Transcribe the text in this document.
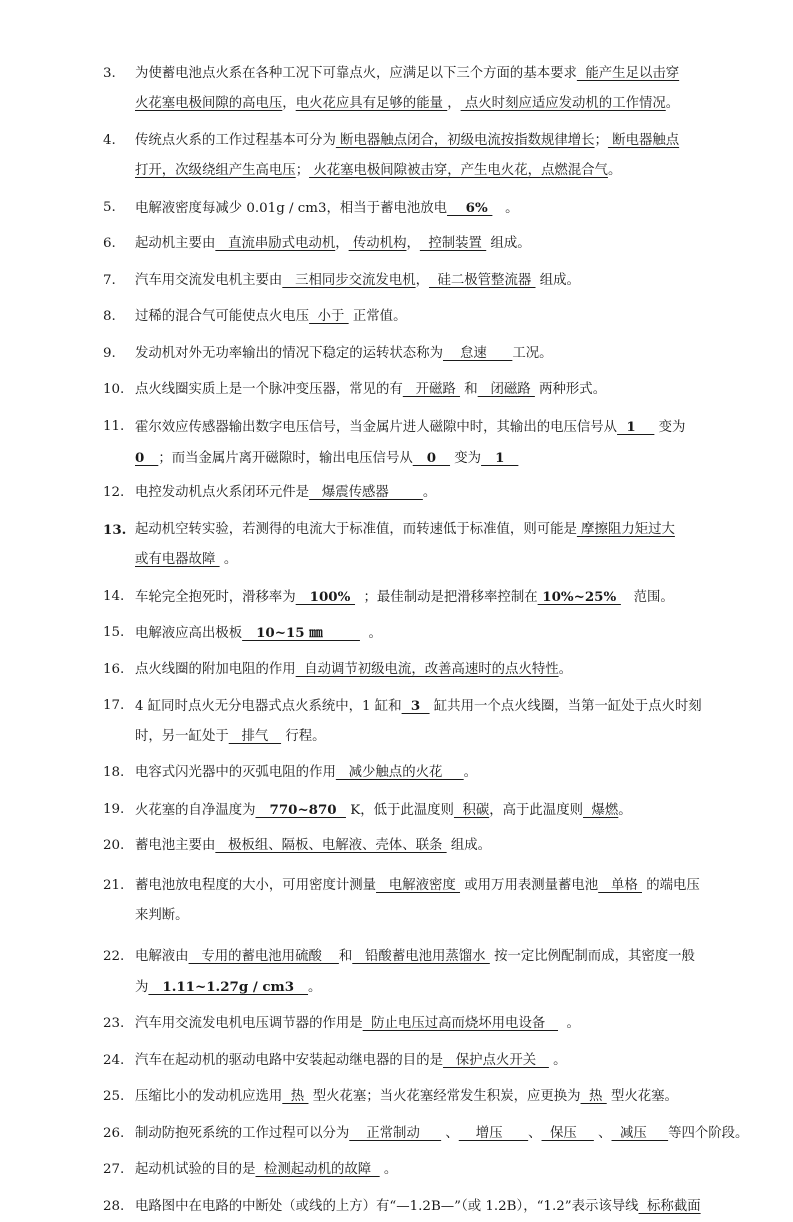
3.	为使蓄电池点火系在各种工况下可靠点火，应满足以下三个方面的基本要求  能产生足以击穿
火花塞电极间隙的高电压，电火花应具有足够的能量 ， 点火时刻应适应发动机的工作情况。
4.	传统点火系的工作过程基本可分为 断电器触点闭合，初级电流按指数规律增长； 断电器触点
打开，次级绕组产生高电压； 火花塞电极间隙被击穿，产生电火花，点燃混合气。
5.	电解液密度每减少 0.01g / cm3，相当于蓄电池放电    6%    。
6.	起动机主要由   直流串励式电动机， 传动机构，  控制装置  组成。
7.	汽车用交流发电机主要由   三相同步交流发电机，  硅二极管整流器  组成。
8.	过稀的混合气可能使点火电压  小于  正常值。
9.	发动机对外无功率输出的情况下稳定的运转状态称为    怠速      工况。
10. 点火线圈实质上是一个脉冲变压器，常见的有   开磁路  和   闭磁路  两种形式。
11. 霍尔效应传感器输出数字电压信号，当金属片进人磁隙中时，其输出的电压信号从  1     变为
0   ；而当金属片离开磁隙时，输出电压信号从   0    变为   1
12. 电控发动机点火系闭环元件是   爆震传感器        。
13. 起动机空转实验，若测得的电流大于标准值，而转速低于标准值，则可能是 摩擦阻力矩过大
或有电器故障  。
14. 车轮完全抱死时，滑移率为   100%   ；最佳制动是把滑移率控制在 10%~25%    范围。
15. 电解液应高出极板   10~15 ㎜          。
16. 点火线圈的附加电阻的作用  自动调节初级电流，改善高速时的点火特性。
17. 4 缸同时点火无分电器式点火系统中，1 缸和  3   缸共用一个点火线圈，当第一缸处于点火时刻
时，另一缸处于   排气    行程。
18. 电容式闪光器中的灭弧电阻的作用   减少触点的火花     。
19. 火花塞的自净温度为   770~870   K，低于此温度则  积碳，高于此温度则  爆燃。
20. 蓄电池主要由   极板组、隔板、电解液、壳体、联条  组成。
21. 蓄电池放电程度的大小，可用密度计测量   电解液密度  或用万用表测量蓄电池   单格  的端电压
来判断。
22. 电解液由   专用的蓄电池用硫酸    和   铅酸蓄电池用蒸馏水  按一定比例配制而成，其密度一般
为   1.11~1.27g / cm3   。
23. 汽车用交流发电机电压调节器的作用是  防止电压过高而烧坏用电设备     。
24. 汽车在起动机的驱动电路中安装起动继电器的目的是   保护点火开关    。
25. 压缩比小的发动机应选用  热  型火花塞；当火花塞经常发生积炭，应更换为  热  型火花塞。
26. 制动防抱死系统的工作过程可以分为    正常制动      、    增压      、  保压     、  减压     等四个阶段。
27. 起动机试验的目的是  检测起动机的故障   。
28. 电路图中在电路的中断处（或线的上方）有“—1.2B—”（或 1.2B），“1.2”表示该导线  标称截面
